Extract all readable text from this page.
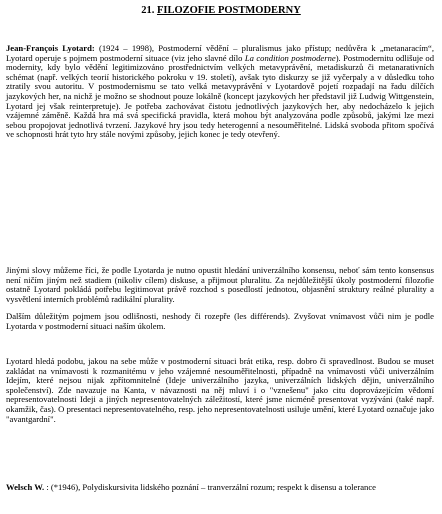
21. FILOZOFIE POSTMODERNY
Jean-François Lyotard: (1924 – 1998), Postmoderní vědění – pluralismus jako přístup; nedůvěra k „metanaracím“, Lyotard operuje s pojmem postmoderní situace (viz jeho slavné dílo La condition postmoderne). Postmodernitu odlišuje od modernity, kdy bylo vědění legitimizováno prostřednictvím velkých metavyprávění, metadiskurzů či metanarativních schémat (např. velkých teorií historického pokroku v 19. století), avšak tyto diskurzy se již vyčerpaly a v důsledku toho ztratily svou autoritu. V postmodernismu se tato velká metavyprávění v Lyotardově pojetí rozpadají na řadu dílčích jazykových her, na nichž je možno se shodnout pouze lokálně (koncept jazykových her představil již Ludwig Wittgenstein, Lyotard jej však reinterpretuje). Je potřeba zachovávat čistotu jednotlivých jazykových her, aby nedocházelo k jejich vzájemné záměně. Každá hra má svá specifická pravidla, která mohou být analyzována podle způsobů, jakými lze mezi sebou propojovat jednotlivá tvrzení. Jazykové hry jsou tedy heterogenní a nesouměřitelné. Lidská svoboda přitom spočívá ve schopnosti hrát tyto hry stále novými způsoby, jejich konec je tedy otevřený.
Jinými slovy můžeme říci, že podle Lyotarda je nutno opustit hledání univerzálního konsensu, neboť sám tento konsensus není ničím jiným než stadiem (nikoliv cílem) diskuse, a přijmout pluralitu. Za nejdůležitější úkoly postmoderní filozofie ostatně Lyotard pokládá potřebu legitimovat právě rozchod s posedlostí jednotou, objasnění struktury reálné plurality a vysvětlení interních problémů radikální plurality.
Dalším důležitým pojmem jsou odlišnosti, neshody či rozepře (les différends). Zvyšovat vnímavost vůči nim je podle Lyotarda v postmoderní situaci naším úkolem.
Lyotard hledá podobu, jakou na sebe může v postmoderní situaci brát etika, resp. dobro či spravedlnost. Budou se muset zakládat na vnímavosti k rozmanitému v jeho vzájemné nesouměřitelnosti, případně na vnímavosti vůči univerzálním Idejím, které nejsou nijak zpřítomnitelné (Ideje univerzálního jazyka, univerzálních lidských dějin, univerzálního společenství). Zde navazuje na Kanta, v návaznosti na něj mluví i o "vznešenu" jako citu doprovázejícím vědomí nepresentovatelnosti Ideji a jiných nepresentovatelných záležitostí, které jsme nicméně presentovat vyzýváni (také např. okamžik, čas). O presentaci nepresentovatelného, resp. jeho nepresentovatelnosti usiluje umění, které Lyotard označuje jako "avantgardní".
Welsch W. : (*1946), Polydiskursivita lidského poznání – tranverzální rozum; respekt k disensu a tolerance
